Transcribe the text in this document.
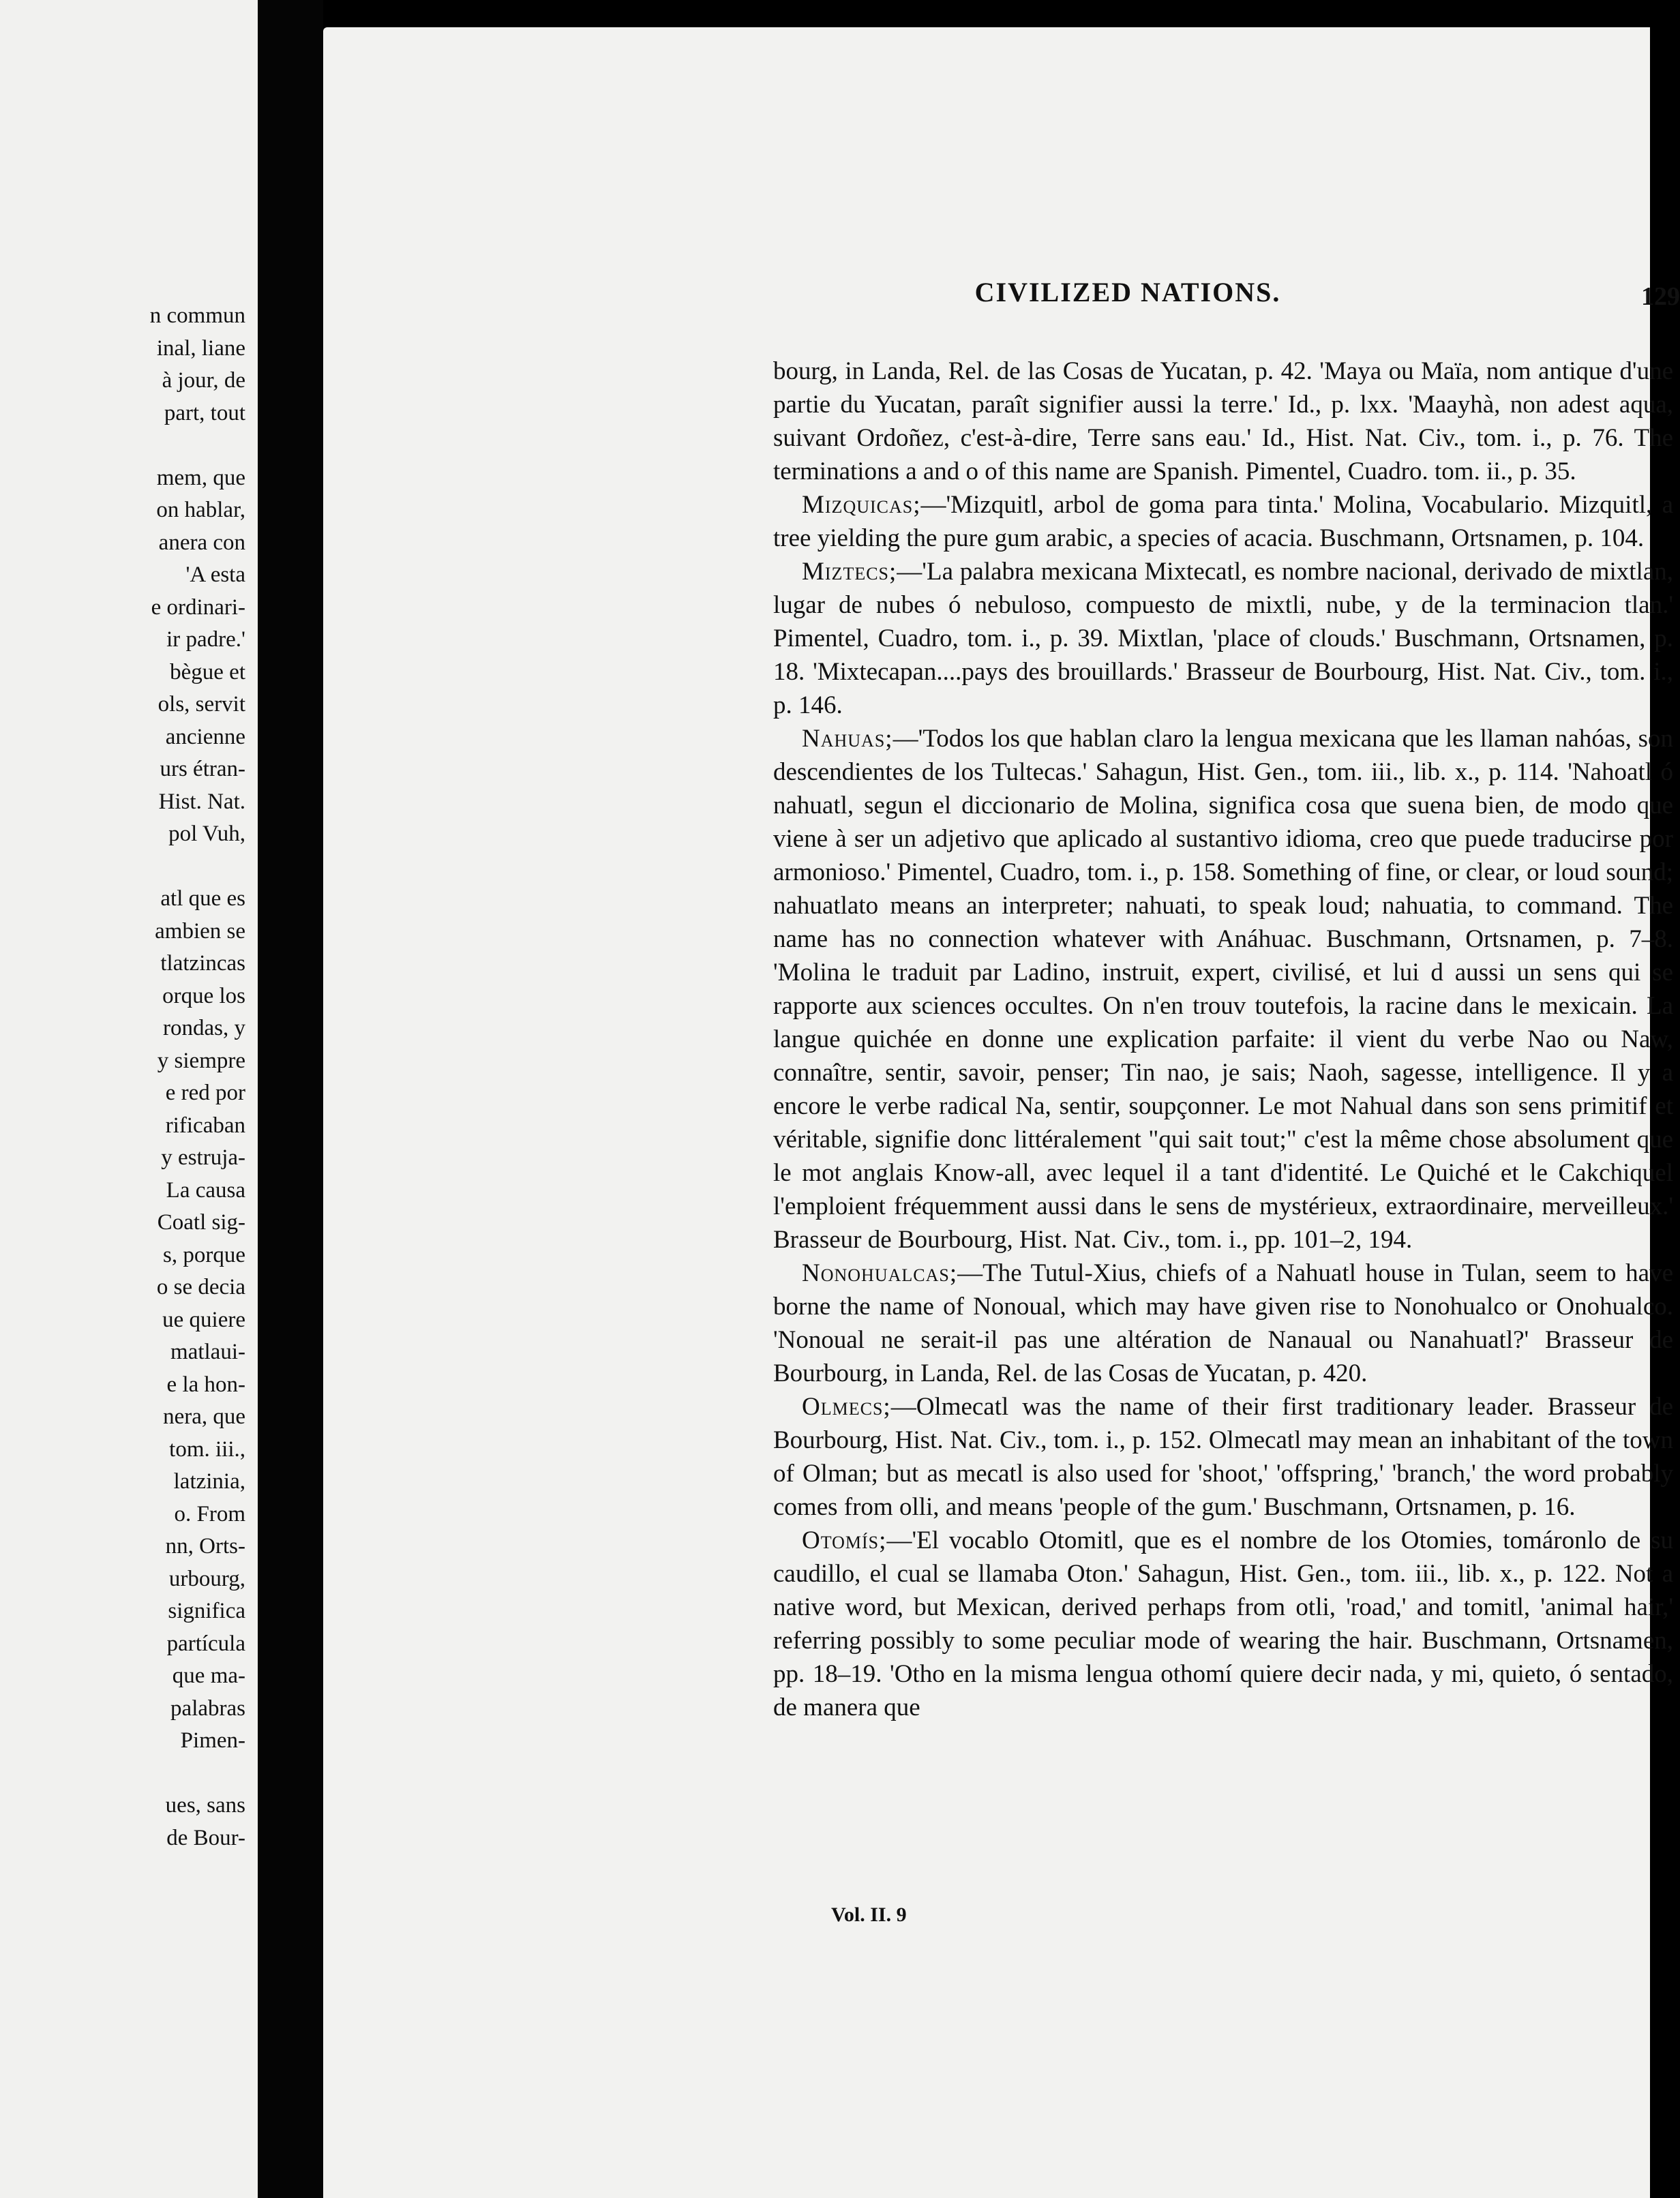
n commun
inal, liane
à jour, de
part, tout
mem, que
on hablar,
anera con
'A esta
e ordinari-
ir padre.'
bègue et
ols, servit
ancienne
urs étran-
Hist. Nat.
pol Vuh,
atl que es
ambien se
tlatzincas
orque los
rondas, y
y siempre
e red por
rificaban
y estruja-
La causa
Coatl sig-
s, porque
o se decia
ue quiere
matlaui-
e la hon-
nera, que
tom. iii.,
latzinia,
o. From
nn, Orts-
urbourg,
significa
partícula
que ma-
palabras
Pimen-
ues, sans
de Bour-
CIVILIZED NATIONS.	129

bourg, in Landa, Rel. de las Cosas de Yucatan, p. 42. 'Maya ou Maïa, nom antique d'une partie du Yucatan, paraît signifier aussi la terre.' Id., p. lxx. 'Maayhà, non adest aqua, suivant Ordoñez, c'est-à-dire, Terre sans eau.' Id., Hist. Nat. Civ., tom. i., p. 76. The terminations a and o of this name are Spanish. Pimentel, Cuadro. tom. ii., p. 35.

Mizquicas;—'Mizquitl, arbol de goma para tinta.' Molina, Vocabulario. Mizquitl, a tree yielding the pure gum arabic, a species of acacia. Buschmann, Ortsnamen, p. 104.

Miztecs;—'La palabra mexicana Mixtecatl, es nombre nacional, derivado de mixtlan, lugar de nubes ó nebuloso, compuesto de mixtli, nube, y de la terminacion tlan.' Pimentel, Cuadro, tom. i., p. 39. Mixtlan, 'place of clouds.' Buschmann, Ortsnamen, p. 18. 'Mixtecapan....pays des brouillards.' Brasseur de Bourbourg, Hist. Nat. Civ., tom. i., p. 146.

Nahuas;—'Todos los que hablan claro la lengua mexicana que les llaman nahóas, son descendientes de los Tultecas.' Sahagun, Hist. Gen., tom. iii., lib. x., p. 114. 'Nahoatl ó nahuatl, segun el diccionario de Molina, significa cosa que suena bien, de modo que viene à ser un adjetivo que aplicado al sustantivo idioma, creo que puede traducirse por armonioso.' Pimentel, Cuadro, tom. i., p. 158. Something of fine, or clear, or loud sound; nahuatlato means an interpreter; nahuati, to speak loud; nahuatia, to command. The name has no connection whatever with Anáhuac. Buschmann, Ortsnamen, p. 7–8. 'Molina le traduit par Ladino, instruit, expert, civilisé, et lui d aussi un sens qui se rapporte aux sciences occultes. On n'en trouv toutefois, la racine dans le mexicain. La langue quichée en donne une explication parfaite: il vient du verbe Nao ou Naw, connaître, sentir, savoir, penser; Tin nao, je sais; Naoh, sagesse, intelligence. Il y a encore le verbe radical Na, sentir, soupçonner. Le mot Nahual dans son sens primitif et véritable, signifie donc littéralement "qui sait tout;" c'est la même chose absolument que le mot anglais Know-all, avec lequel il a tant d'identité. Le Quiché et le Cakchiquel l'emploient fréquemment aussi dans le sens de mystérieux, extraordinaire, merveilleux.' Brasseur de Bourbourg, Hist. Nat. Civ., tom. i., pp. 101–2, 194.

Nonohualcas;—The Tutul-Xius, chiefs of a Nahuatl house in Tulan, seem to have borne the name of Nonoual, which may have given rise to Nonohualco or Onohualco. 'Nonoual ne serait-il pas une altération de Nanaual ou Nanahuatl?' Brasseur de Bourbourg, in Landa, Rel. de las Cosas de Yucatan, p. 420.

Olmecs;—Olmecatl was the name of their first traditionary leader. Brasseur de Bourbourg, Hist. Nat. Civ., tom. i., p. 152. Olmecatl may mean an inhabitant of the town of Olman; but as mecatl is also used for 'shoot,' 'offspring,' 'branch,' the word probably comes from olli, and means 'people of the gum.' Buschmann, Ortsnamen, p. 16.

Otomís;—'El vocablo Otomitl, que es el nombre de los Otomies, tomáronlo de su caudillo, el cual se llamaba Oton.' Sahagun, Hist. Gen., tom. iii., lib. x., p. 122. Not a native word, but Mexican, derived perhaps from otli, 'road,' and tomitl, 'animal hair,' referring possibly to some peculiar mode of wearing the hair. Buschmann, Ortsnamen, pp. 18–19. 'Otho en la misma lengua othomí quiere decir nada, y mi, quieto, ó sentado, de manera que

Vol. II. 9
